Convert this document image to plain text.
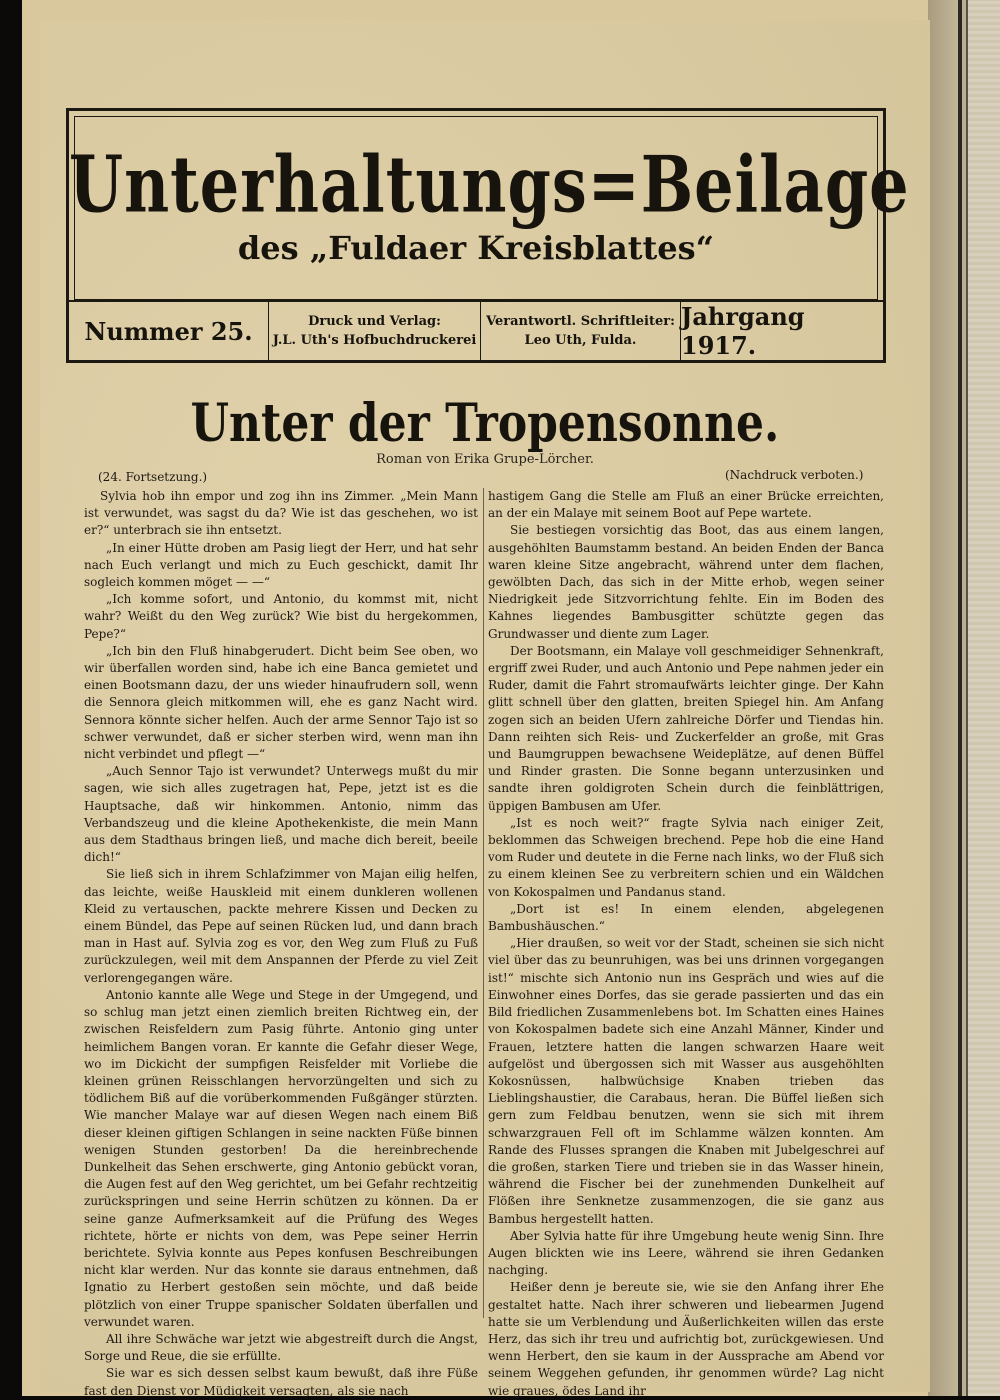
Unterhaltungs=Beilage
des „Fuldaer Kreisblattes“
Nummer 25.	Druck und Verlag:
J.L. Uth's Hofbuchdruckerei
Verantwortl. Schriftleiter:
Leo Uth, Fulda.
Jahrgang 1917.
Unter der Tropensonne.
Roman von Erika Grupe-Lörcher.
(24. Fortsetzung.)	(Nachdruck verboten.)

Sylvia hob ihn empor und zog ihn ins Zimmer. „Mein Mann ist verwundet, was sagst du da? Wie ist das geschehen, wo ist er?“ unterbrach sie ihn entsetzt.

„In einer Hütte droben am Pasig liegt der Herr, und hat sehr nach Euch verlangt und mich zu Euch geschickt, damit Ihr sogleich kommen möget — —“

„Ich komme sofort, und Antonio, du kommst mit, nicht wahr? Weißt du den Weg zurück? Wie bist du hergekommen, Pepe?“

„Ich bin den Fluß hinabgerudert. Dicht beim See oben, wo wir überfallen worden sind, habe ich eine Banca gemietet und einen Bootsmann dazu, der uns wieder hinaufrudern soll, wenn die Sennora gleich mitkommen will, ehe es ganz Nacht wird. Sennora könnte sicher helfen. Auch der arme Sennor Tajo ist so schwer verwundet, daß er sicher sterben wird, wenn man ihn nicht verbindet und pflegt —“

„Auch Sennor Tajo ist verwundet? Unterwegs mußt du mir sagen, wie sich alles zugetragen hat, Pepe, jetzt ist es die Hauptsache, daß wir hinkommen. Antonio, nimm das Verbandszeug und die kleine Apothekenkiste, die mein Mann aus dem Stadthaus bringen ließ, und mache dich bereit, beeile dich!“

Sie ließ sich in ihrem Schlafzimmer von Majan eilig helfen, das leichte, weiße Hauskleid mit einem dunkleren wollenen Kleid zu vertauschen, packte mehrere Kissen und Decken zu einem Bündel, das Pepe auf seinen Rücken lud, und dann brach man in Hast auf. Sylvia zog es vor, den Weg zum Fluß zu Fuß zurückzulegen, weil mit dem Anspannen der Pferde zu viel Zeit verlorengegangen wäre.

Antonio kannte alle Wege und Stege in der Umgegend, und so schlug man jetzt einen ziemlich breiten Richtweg ein, der zwischen Reisfeldern zum Pasig führte. Antonio ging unter heimlichem Bangen voran. Er kannte die Gefahr dieser Wege, wo im Dickicht der sumpfigen Reisfelder mit Vorliebe die kleinen grünen Reisschlangen hervorzüngelten und sich zu tödlichem Biß auf die vorüberkommenden Fußgänger stürzten. Wie mancher Malaye war auf diesen Wegen nach einem Biß dieser kleinen giftigen Schlangen in seine nackten Füße binnen wenigen Stunden gestorben! Da die hereinbrechende Dunkelheit das Sehen erschwerte, ging Antonio gebückt voran, die Augen fest auf den Weg gerichtet, um bei Gefahr rechtzeitig zurückspringen und seine Herrin schützen zu können. Da er seine ganze Aufmerksamkeit auf die Prüfung des Weges richtete, hörte er nichts von dem, was Pepe seiner Herrin berichtete. Sylvia konnte aus Pepes konfusen Beschreibungen nicht klar werden. Nur das konnte sie daraus entnehmen, daß Ignatio zu Herbert gestoßen sein möchte, und daß beide plötzlich von einer Truppe spanischer Soldaten überfallen und verwundet waren.

All ihre Schwäche war jetzt wie abgestreift durch die Angst, Sorge und Reue, die sie erfüllte.

Sie war es sich dessen selbst kaum bewußt, daß ihre Füße fast den Dienst vor Müdigkeit versagten, als sie nach

hastigem Gang die Stelle am Fluß an einer Brücke erreichten, an der ein Malaye mit seinem Boot auf Pepe wartete.

Sie bestiegen vorsichtig das Boot, das aus einem langen, ausgehöhlten Baumstamm bestand. An beiden Enden der Banca waren kleine Sitze angebracht, während unter dem flachen, gewölbten Dach, das sich in der Mitte erhob, wegen seiner Niedrigkeit jede Sitzvorrichtung fehlte. Ein im Boden des Kahnes liegendes Bambusgitter schützte gegen das Grundwasser und diente zum Lager.

Der Bootsmann, ein Malaye voll geschmeidiger Sehnenkraft, ergriff zwei Ruder, und auch Antonio und Pepe nahmen jeder ein Ruder, damit die Fahrt stromaufwärts leichter ginge. Der Kahn glitt schnell über den glatten, breiten Spiegel hin. Am Anfang zogen sich an beiden Ufern zahlreiche Dörfer und Tiendas hin. Dann reihten sich Reis- und Zuckerfelder an große, mit Gras und Baumgruppen bewachsene Weideplätze, auf denen Büffel und Rinder grasten. Die Sonne begann unterzusinken und sandte ihren goldigroten Schein durch die feinblättrigen, üppigen Bambusen am Ufer.

„Ist es noch weit?“ fragte Sylvia nach einiger Zeit, beklommen das Schweigen brechend. Pepe hob die eine Hand vom Ruder und deutete in die Ferne nach links, wo der Fluß sich zu einem kleinen See zu verbreitern schien und ein Wäldchen von Kokospalmen und Pandanus stand.

„Dort ist es! In einem elenden, abgelegenen Bambushäuschen.“

„Hier draußen, so weit vor der Stadt, scheinen sie sich nicht viel über das zu beunruhigen, was bei uns drinnen vorgegangen ist!“ mischte sich Antonio nun ins Gespräch und wies auf die Einwohner eines Dorfes, das sie gerade passierten und das ein Bild friedlichen Zusammenlebens bot. Im Schatten eines Haines von Kokospalmen badete sich eine Anzahl Männer, Kinder und Frauen, letztere hatten die langen schwarzen Haare weit aufgelöst und übergossen sich mit Wasser aus ausgehöhlten Kokosnüssen, halbwüchsige Knaben trieben das Lieblingshaustier, die Carabaus, heran. Die Büffel ließen sich gern zum Feldbau benutzen, wenn sie sich mit ihrem schwarzgrauen Fell oft im Schlamme wälzen konnten. Am Rande des Flusses sprangen die Knaben mit Jubelgeschrei auf die großen, starken Tiere und trieben sie in das Wasser hinein, während die Fischer bei der zunehmenden Dunkelheit auf Flößen ihre Senknetze zusammenzogen, die sie ganz aus Bambus hergestellt hatten.

Aber Sylvia hatte für ihre Umgebung heute wenig Sinn. Ihre Augen blickten wie ins Leere, während sie ihren Gedanken nachging.

Heißer denn je bereute sie, wie sie den Anfang ihrer Ehe gestaltet hatte. Nach ihrer schweren und liebearmen Jugend hatte sie um Verblendung und Äußerlichkeiten willen das erste Herz, das sich ihr treu und aufrichtig bot, zurückgewiesen. Und wenn Herbert, den sie kaum in der Aussprache am Abend vor seinem Weggehen gefunden, ihr genommen würde? Lag nicht wie graues, ödes Land ihr
